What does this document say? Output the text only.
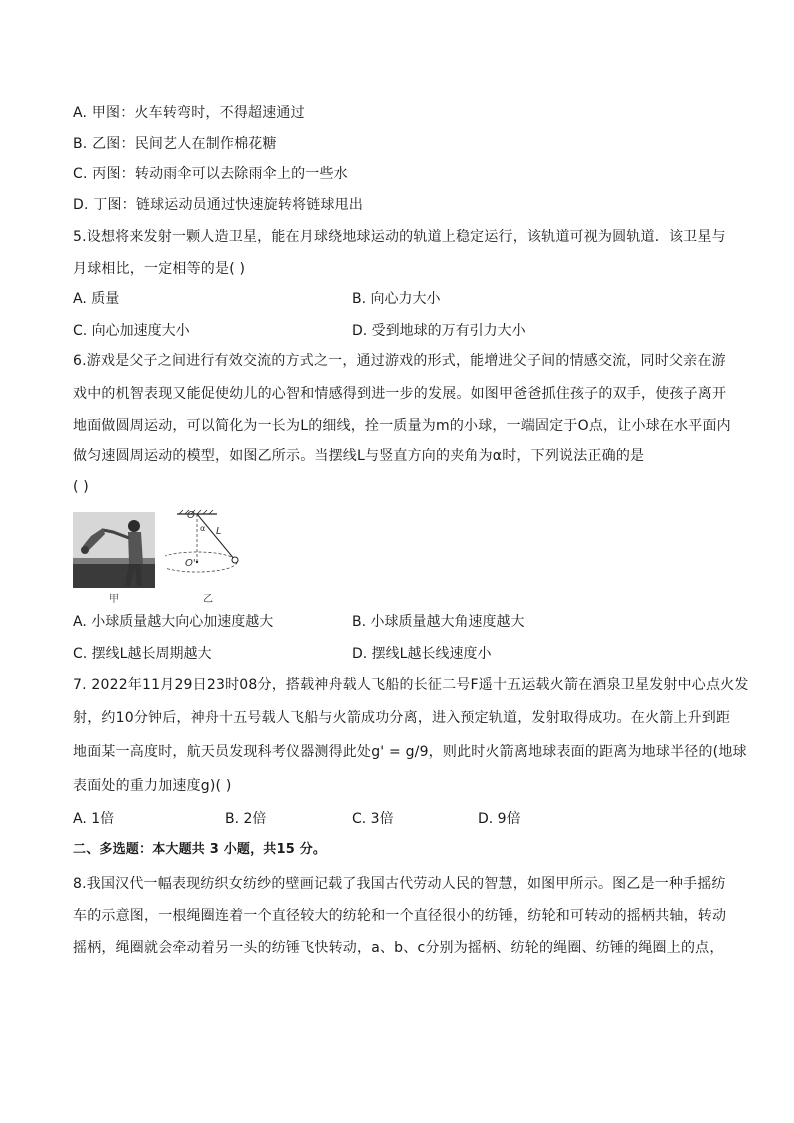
A. 甲图：火车转弯时，不得超速通过
B. 乙图：民间艺人在制作棉花糖
C. 丙图：转动雨伞可以去除雨伞上的一些水
D. 丁图：链球运动员通过快速旋转将链球甩出
5.设想将来发射一颗人造卫星，能在月球绕地球运动的轨道上稳定运行，该轨道可视为圆轨道．该卫星与
月球相比，一定相等的是( )
A. 质量	B. 向心力大小
C. 向心加速度大小	D. 受到地球的万有引力大小
6.游戏是父子之间进行有效交流的方式之一，通过游戏的形式，能增进父子间的情感交流，同时父亲在游
戏中的机智表现又能促使幼儿的心智和情感得到进一步的发展。如图甲爸爸抓住孩子的双手，使孩子离开
地面做圆周运动，可以简化为一长为L的细线，拴一质量为m的小球，一端固定于O点，让小球在水平面内
做匀速圆周运动的模型，如图乙所示。当摆线L与竖直方向的夹角为α时，下列说法正确的是
( )
甲
O
α L
O'
乙
A. 小球质量越大向心加速度越大	B. 小球质量越大角速度越大
C. 摆线L越长周期越大	D. 摆线L越长线速度小
7. 2022年11月29日23时08分，搭载神舟载人飞船的长征二号F遥十五运载火箭在酒泉卫星发射中心点火发
射，约10分钟后，神舟十五号载人飞船与火箭成功分离，进入预定轨道，发射取得成功。在火箭上升到距
地面某一高度时，航天员发现科考仪器测得此处g' = g/9，则此时火箭离地球表面的距离为地球半径的(地球
表面处的重力加速度g)( )
A. 1倍	B. 2倍	C. 3倍	D. 9倍
二、多选题：本大题共 3 小题，共15 分。
8.我国汉代一幅表现纺织女纺纱的壁画记载了我国古代劳动人民的智慧，如图甲所示。图乙是一种手摇纺
车的示意图，一根绳圈连着一个直径较大的纺轮和一个直径很小的纺锤，纺轮和可转动的摇柄共轴，转动
摇柄，绳圈就会牵动着另一头的纺锤飞快转动，a、b、c分别为摇柄、纺轮的绳圈、纺锤的绳圈上的点，
